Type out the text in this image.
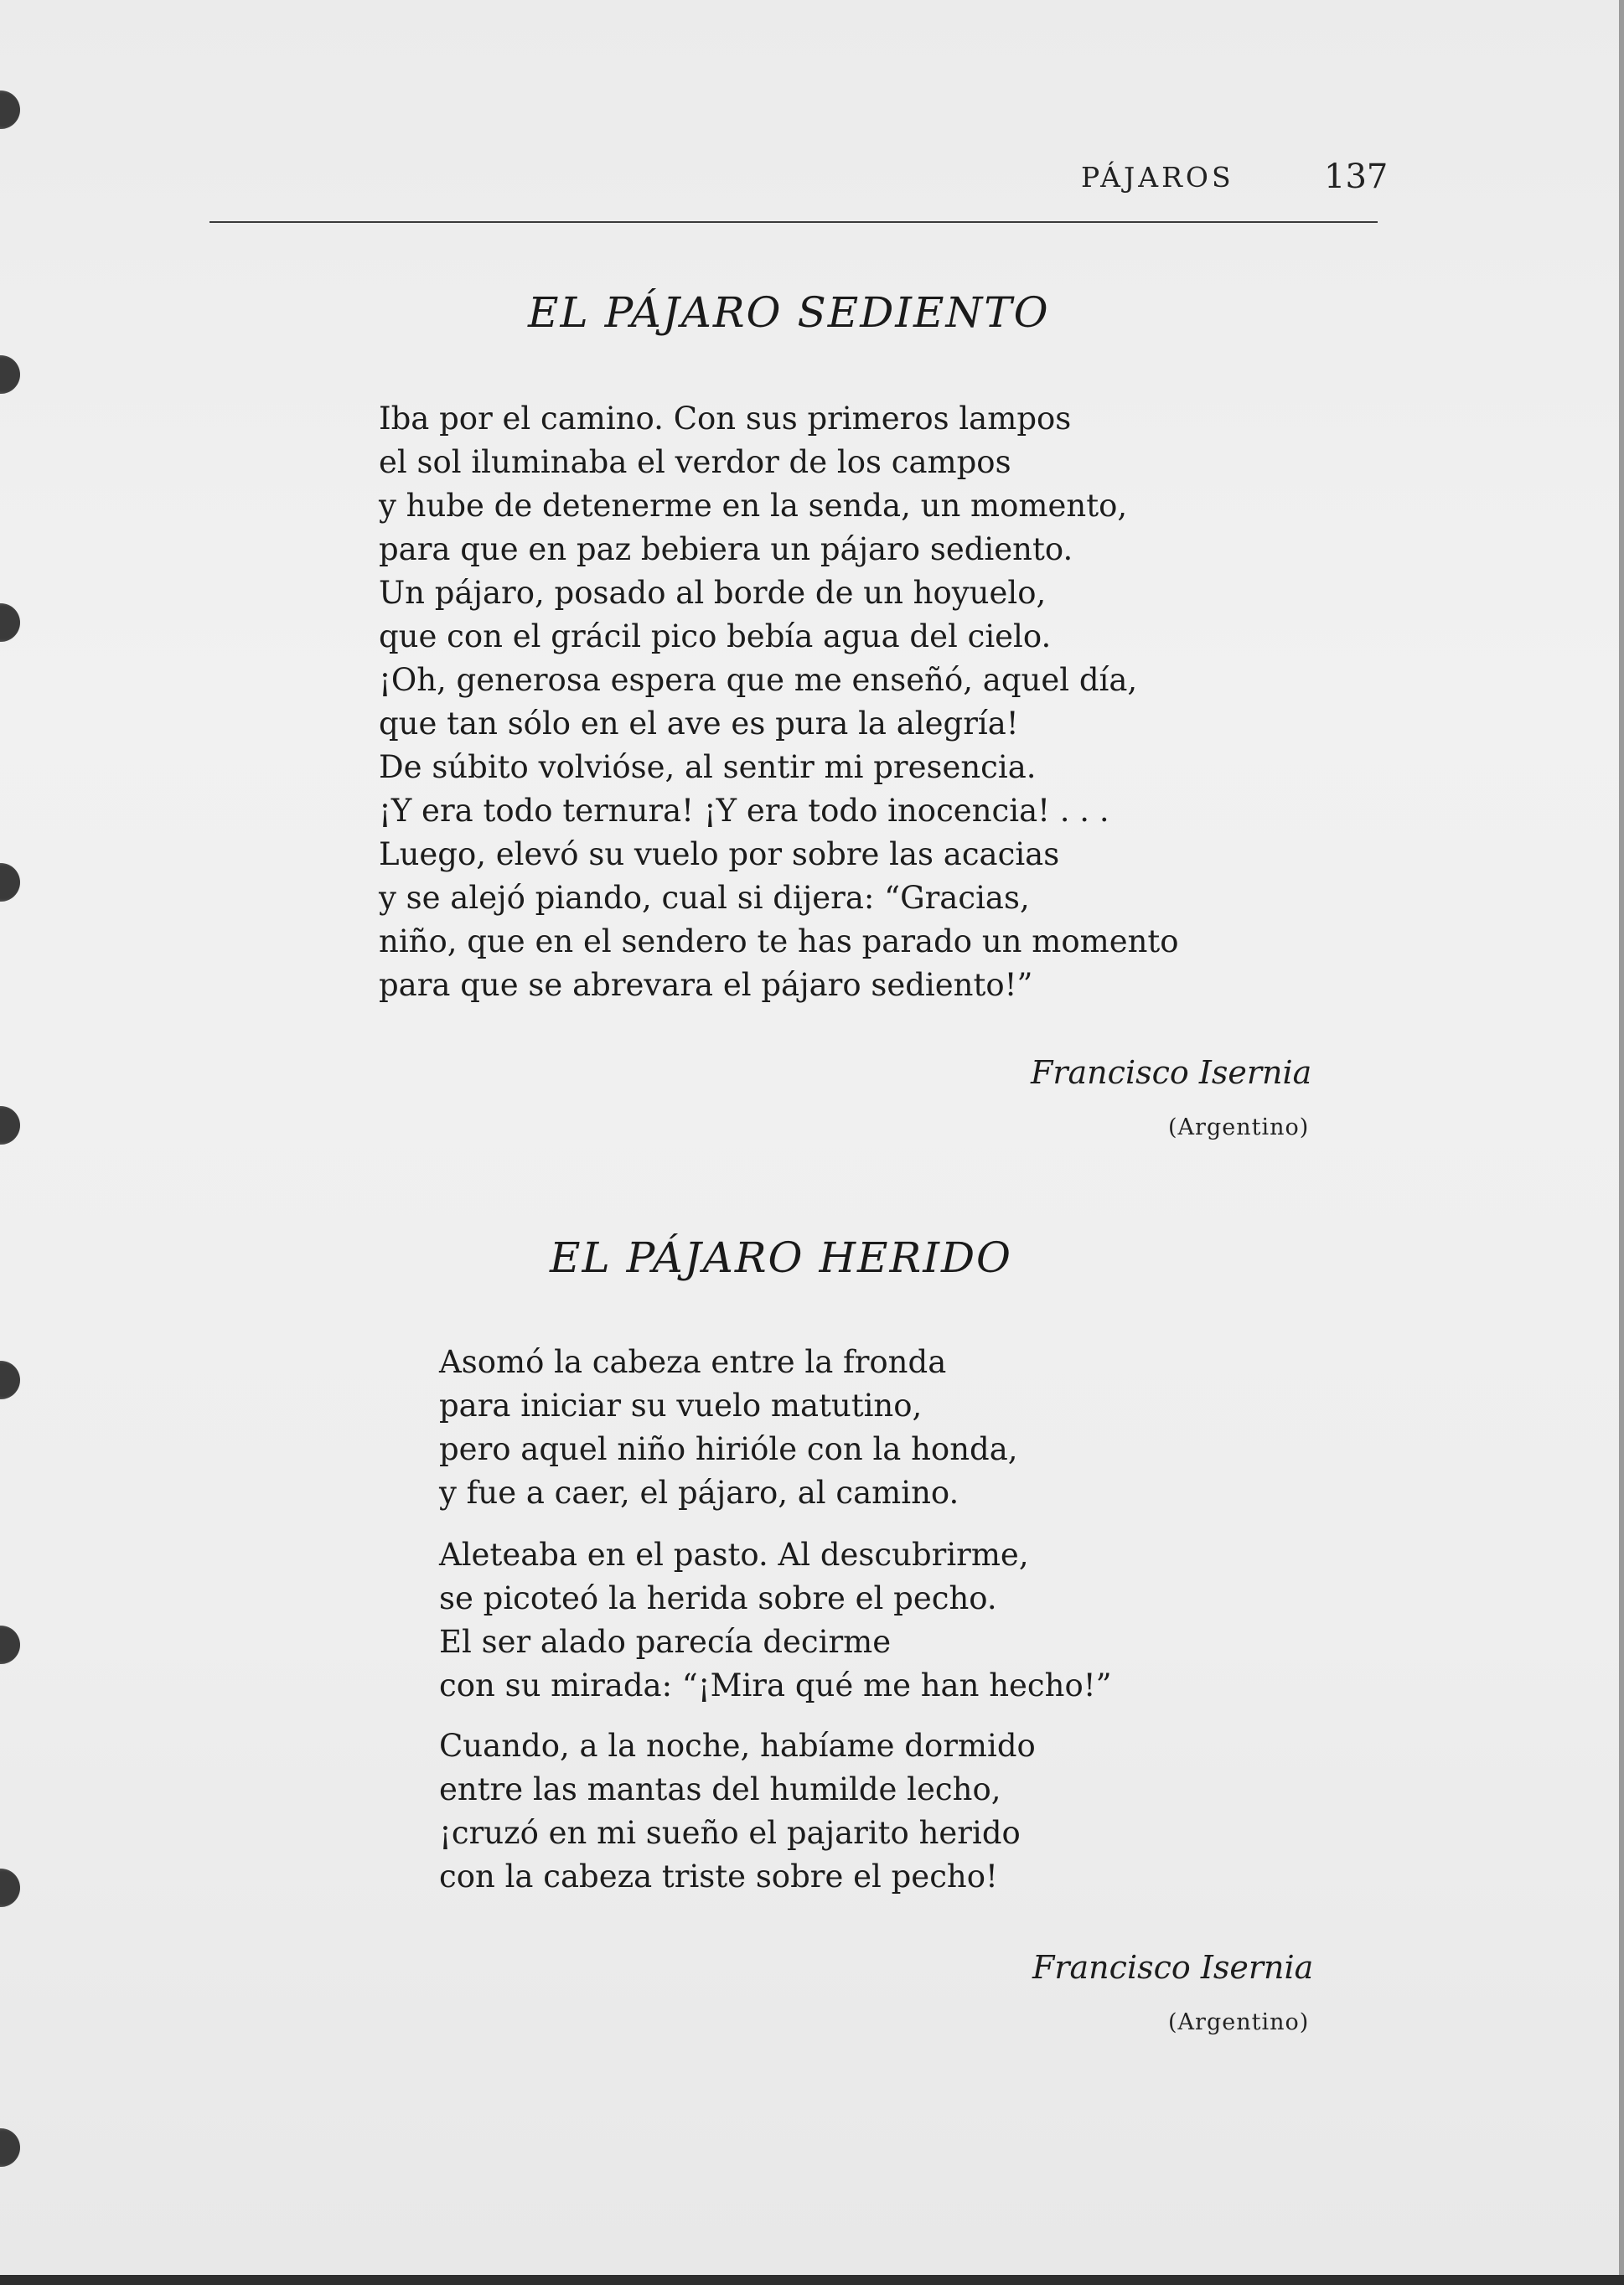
PÁJAROS	137
EL PÁJARO SEDIENTO
Iba por el camino. Con sus primeros lampos
el sol iluminaba el verdor de los campos
y hube de detenerme en la senda, un momento,
para que en paz bebiera un pájaro sediento.
Un pájaro, posado al borde de un hoyuelo,
que con el grácil pico bebía agua del cielo.
¡Oh, generosa espera que me enseñó, aquel día,
que tan sólo en el ave es pura la alegría!
De súbito volvióse, al sentir mi presencia.
¡Y era todo ternura! ¡Y era todo inocencia! . . .
Luego, elevó su vuelo por sobre las acacias
y se alejó piando, cual si dijera: “Gracias,
niño, que en el sendero te has parado un momento
para que se abrevara el pájaro sediento!”
Francisco Isernia
(Argentino)
EL PÁJARO HERIDO
Asomó la cabeza entre la fronda
para iniciar su vuelo matutino,
pero aquel niño hirióle con la honda,
y fue a caer, el pájaro, al camino.
Aleteaba en el pasto. Al descubrirme,
se picoteó la herida sobre el pecho.
El ser alado parecía decirme
con su mirada: “¡Mira qué me han hecho!”
Cuando, a la noche, habíame dormido
entre las mantas del humilde lecho,
¡cruzó en mi sueño el pajarito herido
con la cabeza triste sobre el pecho!
Francisco Isernia
(Argentino)
